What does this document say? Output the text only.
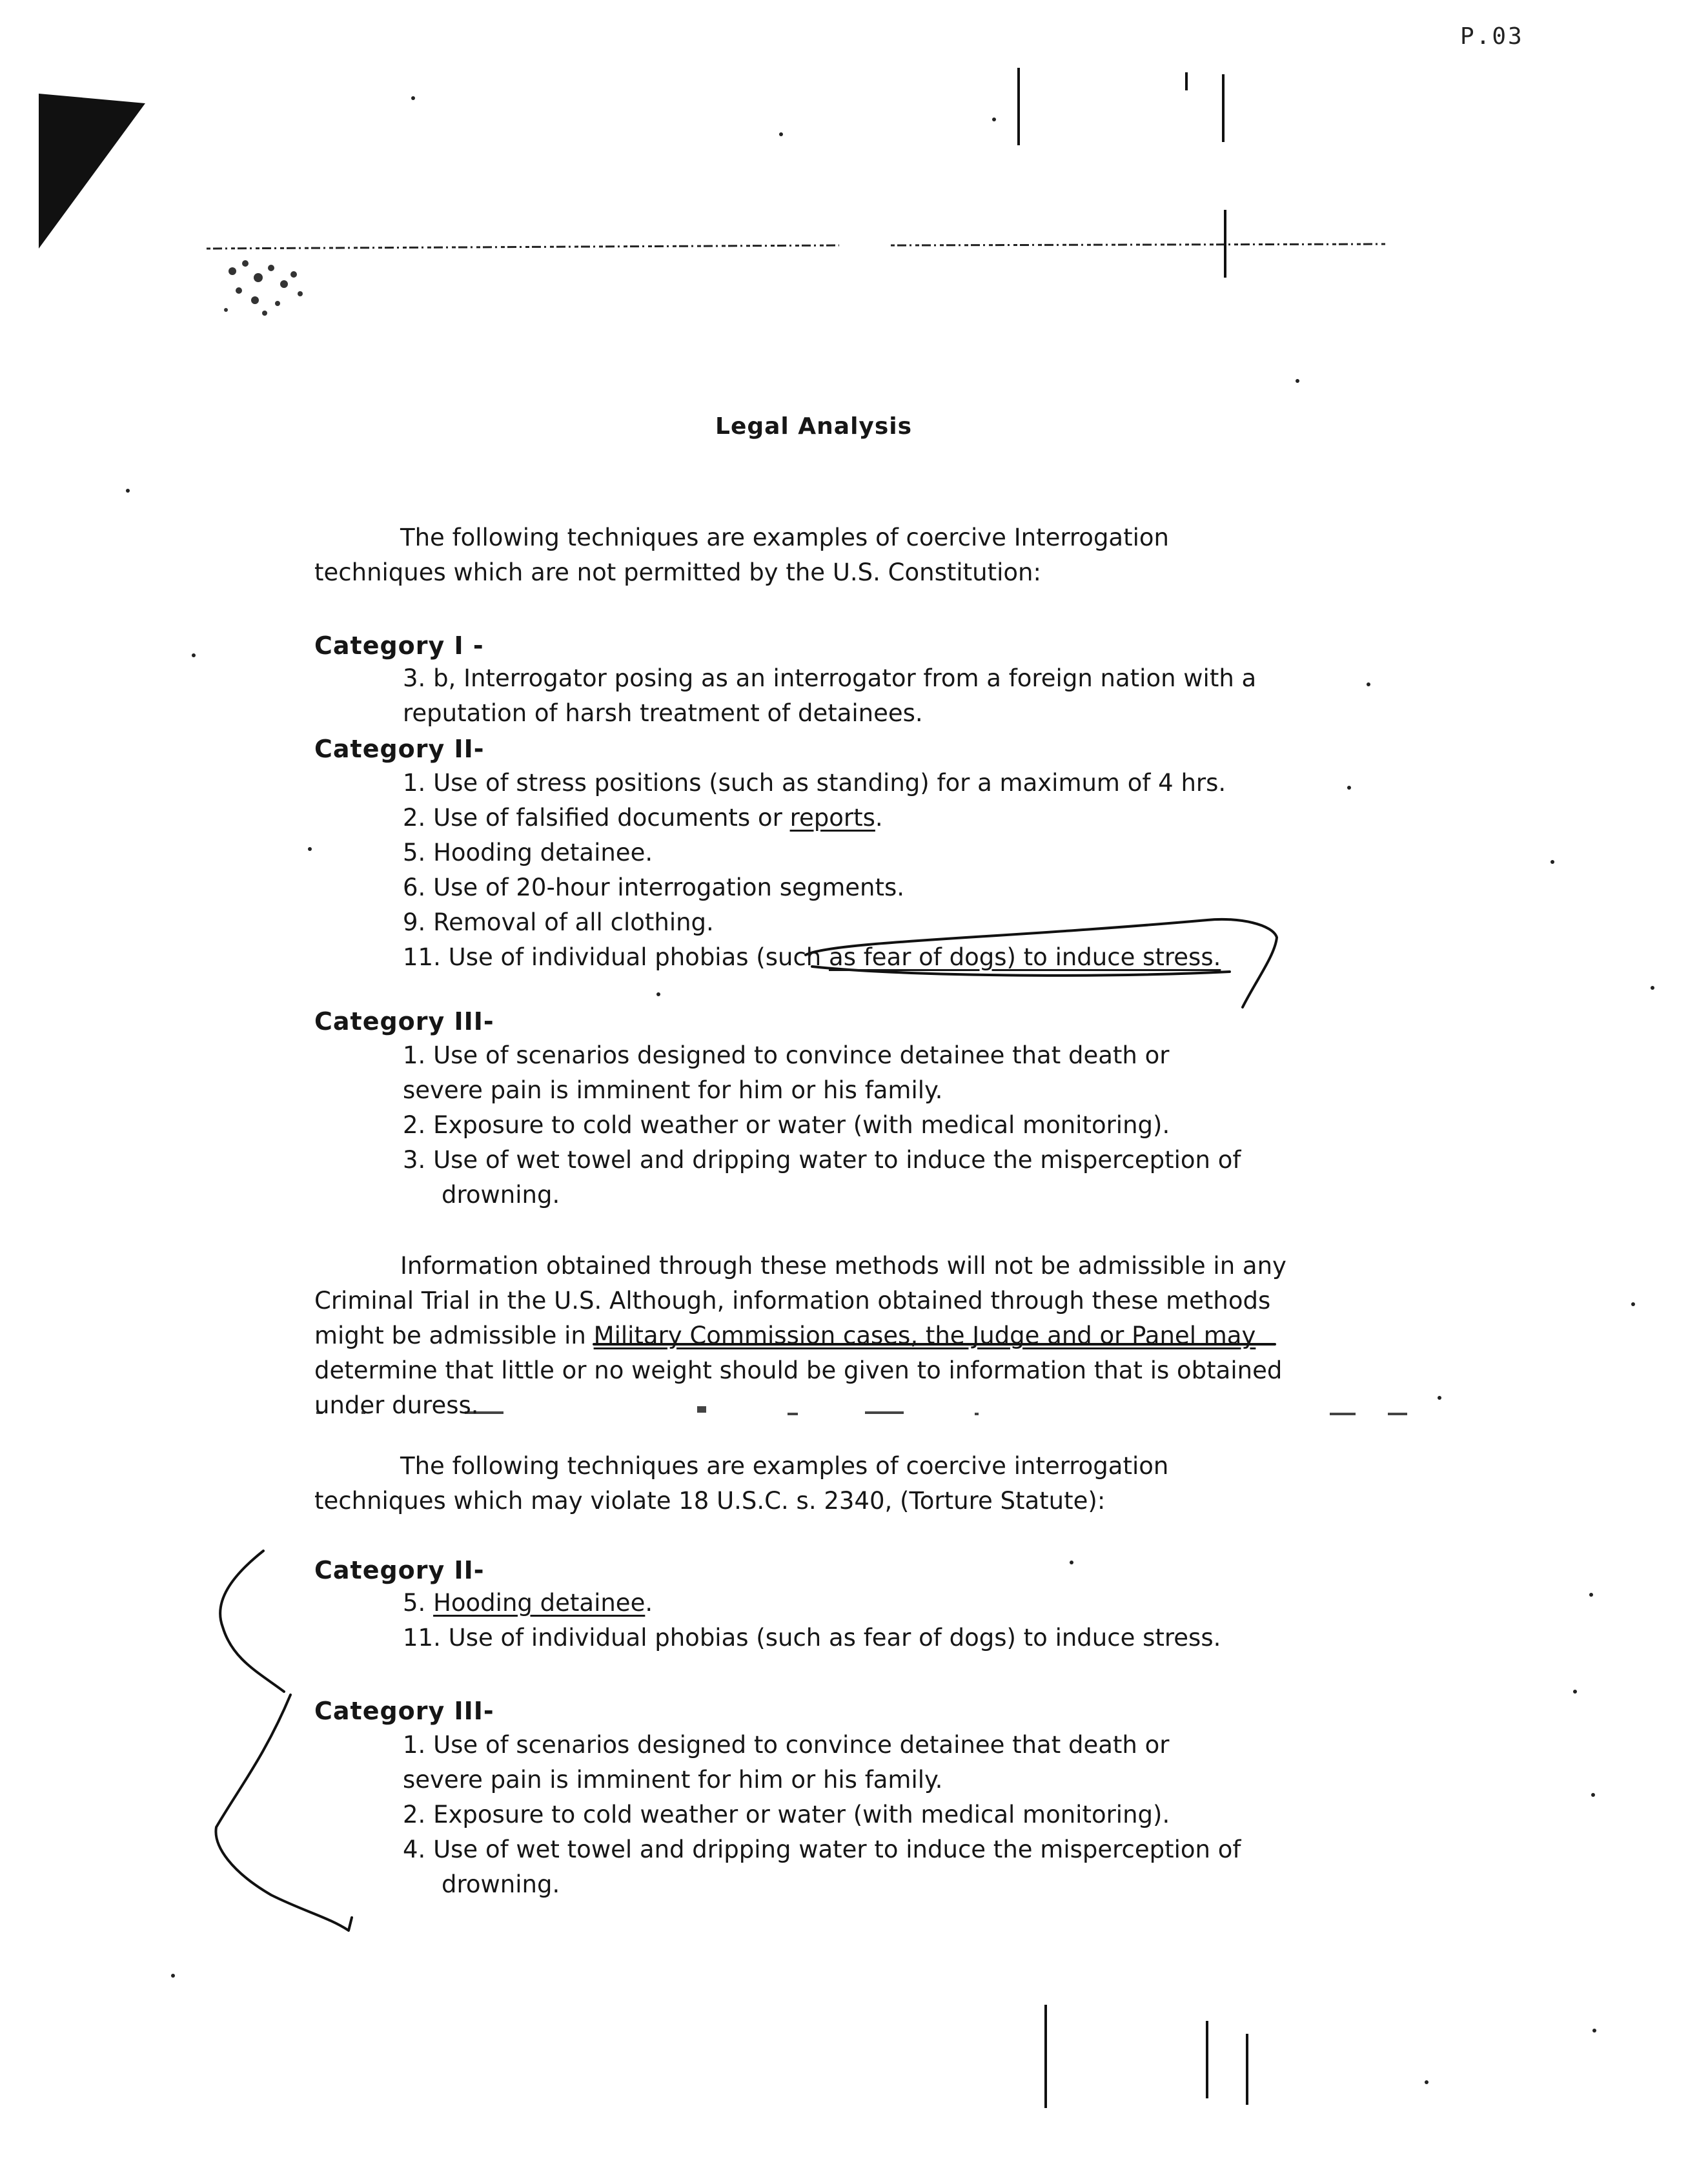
P.03
Legal Analysis
The following techniques are examples of coercive Interrogation
techniques which are not permitted by the U.S. Constitution:
Category I -
3. b, Interrogator posing as an interrogator from a foreign nation with a
reputation of harsh treatment of detainees.
Category II-
1. Use of stress positions (such as standing) for a maximum of 4 hrs.
2. Use of falsified documents or reports.
5. Hooding detainee.
6. Use of 20-hour interrogation segments.
9. Removal of all clothing.
11. Use of individual phobias (such as fear of dogs) to induce stress.
Category III-
1. Use of scenarios designed to convince detainee that death or
severe pain is imminent for him or his family.
2. Exposure to cold weather or water (with medical monitoring).
3. Use of wet towel and dripping water to induce the misperception of
drowning.
Information obtained through these methods will not be admissible in any
Criminal Trial in the U.S. Although, information obtained through these methods
might be admissible in Military Commission cases, the Judge and or Panel may
determine that little or no weight should be given to information that is obtained
under duress.
The following techniques are examples of coercive interrogation
techniques which may violate 18 U.S.C. s. 2340, (Torture Statute):
Category II-
5. Hooding detainee.
11. Use of individual phobias (such as fear of dogs) to induce stress.
Category III-
1. Use of scenarios designed to convince detainee that death or
severe pain is imminent for him or his family.
2. Exposure to cold weather or water (with medical monitoring).
4. Use of wet towel and dripping water to induce the misperception of
drowning.
